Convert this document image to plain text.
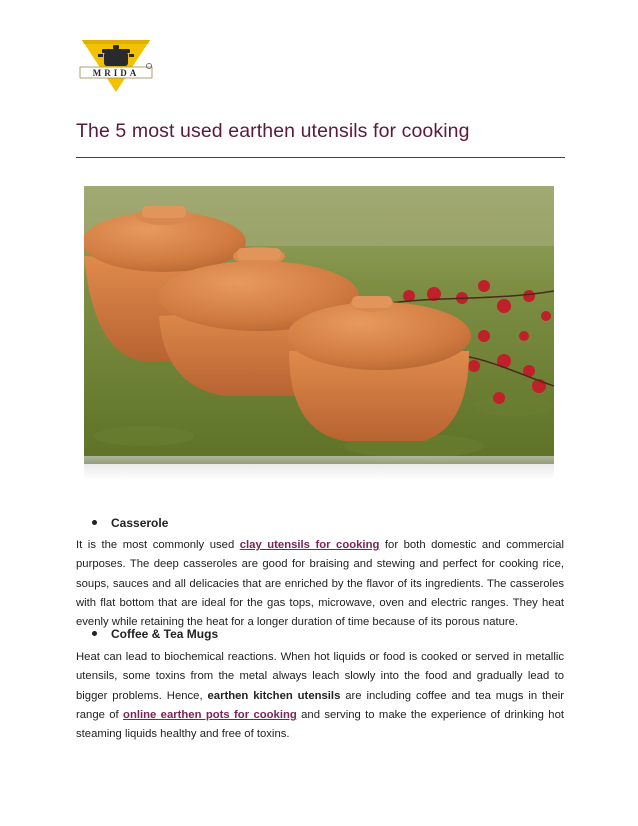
MRIDA
The 5 most used earthen utensils for cooking
Casserole
It is the most commonly used clay utensils for cooking for both domestic and commercial purposes. The deep casseroles are good for braising and stewing and perfect for cooking rice, soups, sauces and all delicacies that are enriched by the flavor of its ingredients. The casseroles with flat bottom that are ideal for the gas tops, microwave, oven and electric ranges. They heat evenly while retaining the heat for a longer duration of time because of its porous nature.
Coffee & Tea Mugs
Heat can lead to biochemical reactions. When hot liquids or food is cooked or served in metallic utensils, some toxins from the metal always leach slowly into the food and gradually lead to bigger problems. Hence, earthen kitchen utensils are including coffee and tea mugs in their range of online earthen pots for cooking and serving to make the experience of drinking hot steaming liquids healthy and free of toxins.
